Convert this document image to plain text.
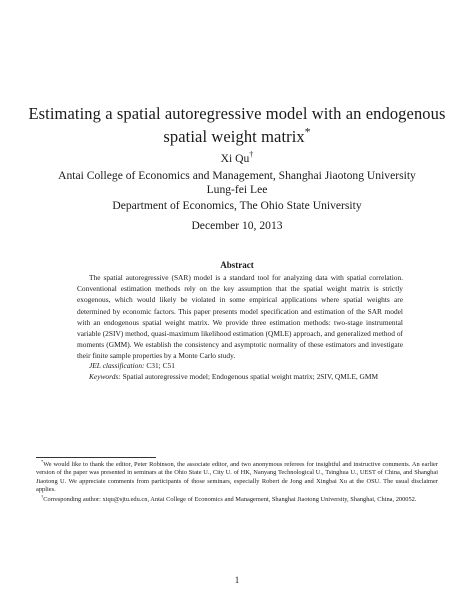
Estimating a spatial autoregressive model with an endogenous
spatial weight matrix*
Xi Qu†
Antai College of Economics and Management, Shanghai Jiaotong University
Lung-fei Lee
Department of Economics, The Ohio State University
December 10, 2013
Abstract

The spatial autoregressive (SAR) model is a standard tool for analyzing data with spatial correlation. Conventional estimation methods rely on the key assumption that the spatial weight matrix is strictly exogenous, which would likely be violated in some empirical applications where spatial weights are determined by economic factors. This paper presents model specification and estimation of the SAR model with an endogenous spatial weight matrix. We provide three estimation methods: two-stage instrumental variable (2SIV) method, quasi-maximum likelihood estimation (QMLE) approach, and generalized method of moments (GMM). We establish the consistency and asymptotic normality of these estimators and investigate their finite sample properties by a Monte Carlo study.

JEL classification: C31; C51
Keywords: Spatial autoregressive model; Endogenous spatial weight matrix; 2SIV, QMLE, GMM

*We would like to thank the editor, Peter Robinson, the associate editor, and two anonymous referees for insightful and instructive comments. An earlier version of the paper was presented in seminars at the Ohio State U., City U. of HK, Nanyang Technological U., Tsinghua U., UEST of China, and Shanghai Jiaotong U. We appreciate comments from participants of those seminars, especially Robert de Jong and Xingbai Xu at the OSU. The usual disclaimer applies.

†Corresponding author: xiqu@sjtu.edu.cn, Antai College of Economics and Management, Shanghai Jiaotong University, Shanghai, China, 200052.

1
